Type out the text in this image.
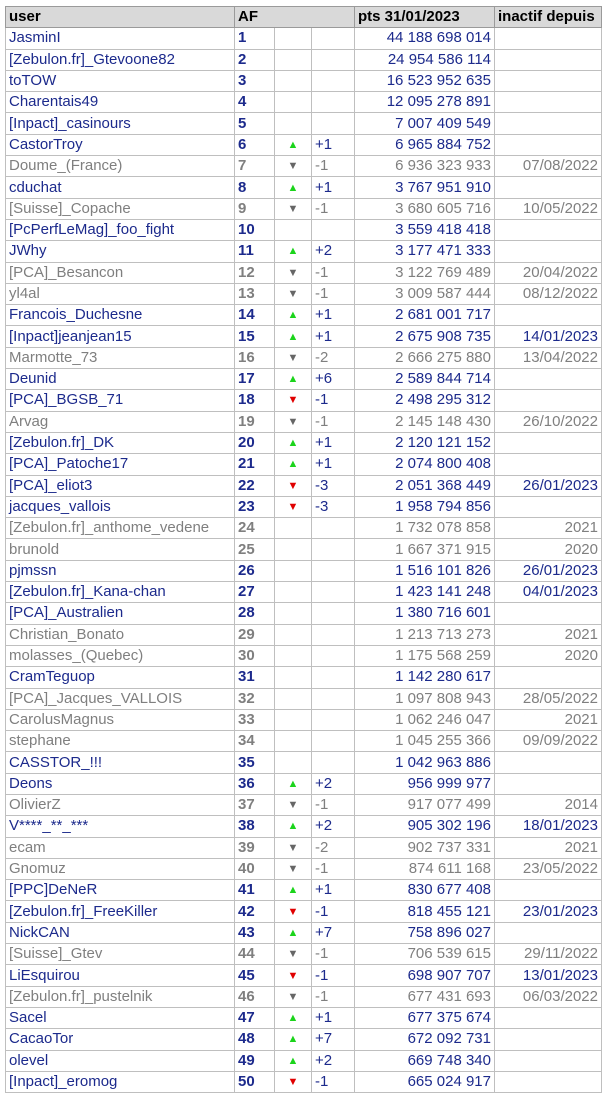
user	AF			pts 31/01/2023	inactif depuis
JasminI	1			44 188 698 014	
[Zebulon.fr]_Gtevoone82	2			24 954 586 114	
toTOW	3			16 523 952 635	
Charentais49	4			12 095 278 891	
[Inpact]_casinours	5			7 007 409 549	
CastorTroy	6	▲	+1	6 965 884 752	
Doume_(France)	7	▼	-1	6 936 323 933	07/08/2022
cduchat	8	▲	+1	3 767 951 910	
[Suisse]_Copache	9	▼	-1	3 680 605 716	10/05/2022
[PcPerfLeMag]_foo_fight	10			3 559 418 418	
JWhy	11	▲	+2	3 177 471 333	
[PCA]_Besancon	12	▼	-1	3 122 769 489	20/04/2022
yl4al	13	▼	-1	3 009 587 444	08/12/2022
Francois_Duchesne	14	▲	+1	2 681 001 717	
[Inpact]jeanjean15	15	▲	+1	2 675 908 735	14/01/2023
Marmotte_73	16	▼	-2	2 666 275 880	13/04/2022
Deunid	17	▲	+6	2 589 844 714	
[PCA]_BGSB_71	18	▼	-1	2 498 295 312	
Arvag	19	▼	-1	2 145 148 430	26/10/2022
[Zebulon.fr]_DK	20	▲	+1	2 120 121 152	
[PCA]_Patoche17	21	▲	+1	2 074 800 408	
[PCA]_eliot3	22	▼	-3	2 051 368 449	26/01/2023
jacques_vallois	23	▼	-3	1 958 794 856	
[Zebulon.fr]_anthome_vedene	24			1 732 078 858	2021
brunold	25			1 667 371 915	2020
pjmssn	26			1 516 101 826	26/01/2023
[Zebulon.fr]_Kana-chan	27			1 423 141 248	04/01/2023
[PCA]_Australien	28			1 380 716 601	
Christian_Bonato	29			1 213 713 273	2021
molasses_(Quebec)	30			1 175 568 259	2020
CramTeguop	31			1 142 280 617	
[PCA]_Jacques_VALLOIS	32			1 097 808 943	28/05/2022
CarolusMagnus	33			1 062 246 047	2021
stephane	34			1 045 255 366	09/09/2022
CASSTOR_!!!	35			1 042 963 886	
Deons	36	▲	+2	956 999 977	
OlivierZ	37	▼	-1	917 077 499	2014
V****_**_***	38	▲	+2	905 302 196	18/01/2023
ecam	39	▼	-2	902 737 331	2021
Gnomuz	40	▼	-1	874 611 168	23/05/2022
[PPC]DeNeR	41	▲	+1	830 677 408	
[Zebulon.fr]_FreeKiller	42	▼	-1	818 455 121	23/01/2023
NickCAN	43	▲	+7	758 896 027	
[Suisse]_Gtev	44	▼	-1	706 539 615	29/11/2022
LiEsquirou	45	▼	-1	698 907 707	13/01/2023
[Zebulon.fr]_pustelnik	46	▼	-1	677 431 693	06/03/2022
Sacel	47	▲	+1	677 375 674	
CacaoTor	48	▲	+7	672 092 731	
olevel	49	▲	+2	669 748 340	
[Inpact]_eromog	50	▼	-1	665 024 917	
